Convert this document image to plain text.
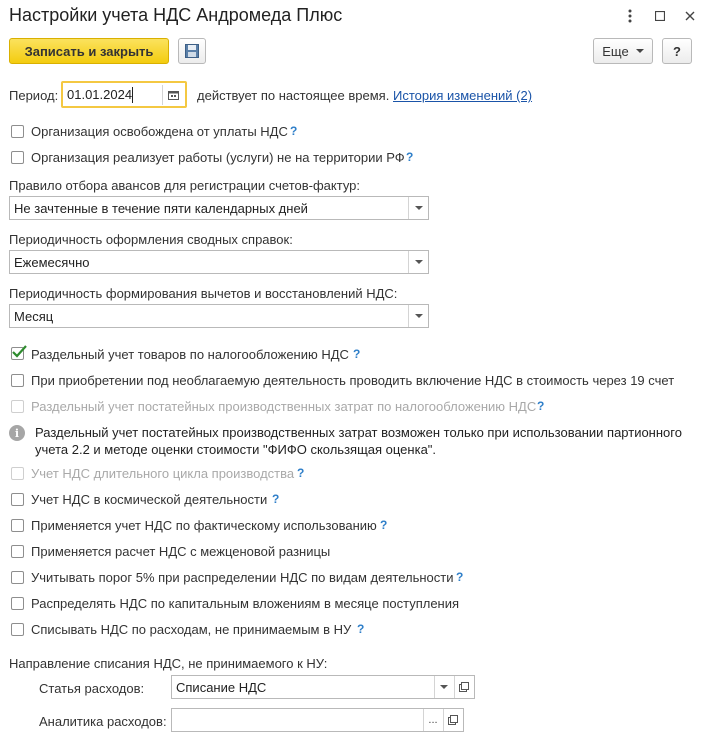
Настройки учета НДС Андромеда Плюс
Записать и закрыть	Еще	?
Период: 01.01.2024	действует по настоящее время. История изменений (2)
Организация освобождена от уплаты НДС ?
Организация реализует работы (услуги) не на территории РФ ?
Правило отбора авансов для регистрации счетов-фактур:
Не зачтенные в течение пяти календарных дней
Периодичность оформления сводных справок:
Ежемесячно
Периодичность формирования вычетов и восстановлений НДС:
Месяц
Раздельный учет товаров по налогообложению НДС ?
При приобретении под необлагаемую деятельность проводить включение НДС в стоимость через 19 счет
Раздельный учет постатейных производственных затрат по налогообложению НДС ?
i	Раздельный учет постатейных производственных затрат возможен только при использовании партионного
учета 2.2 и методе оценки стоимости "ФИФО скользящая оценка".
Учет НДС длительного цикла производства ?
Учет НДС в космической деятельности ?
Применяется учет НДС по фактическому использованию ?
Применяется расчет НДС с межценовой разницы
Учитывать порог 5% при распределении НДС по видам деятельности ?
Распределять НДС по капитальным вложениям в месяце поступления
Списывать НДС по расходам, не принимаемым в НУ ?
Направление списания НДС, не принимаемого к НУ:
Статья расходов: Списание НДС
Аналитика расходов:	...
